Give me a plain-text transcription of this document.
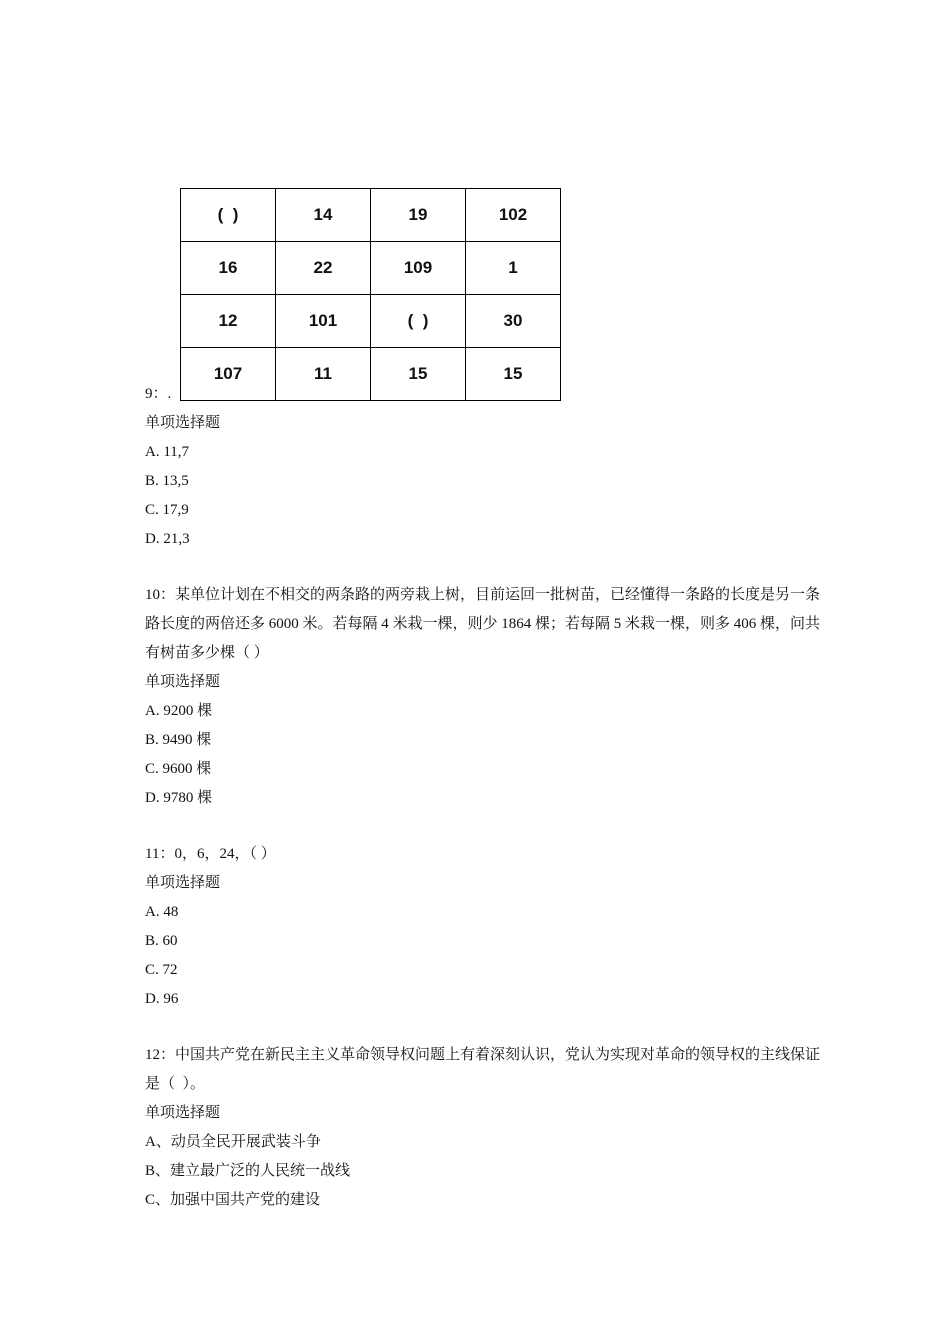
(  )	14	19	102
16	22	109	1
12	101	(  )	30
107	11	15	15

9：.

单项选择题

A. 11,7

B. 13,5

C. 17,9

D. 21,3

10：某单位计划在不相交的两条路的两旁栽上树，目前运回一批树苗，已经懂得一条路的长度是另一条路长度的两倍还多 6000 米。若每隔 4 米栽一棵，则少 1864 棵；若每隔 5 米栽一棵，则多 406 棵，问共有树苗多少棵（ ）

单项选择题

A. 9200 棵

B. 9490 棵

C. 9600 棵

D. 9780 棵

11：0，6，24，（ ）

单项选择题

A. 48

B. 60

C. 72

D. 96

12：中国共产党在新民主主义革命领导权问题上有着深刻认识，党认为实现对革命的领导权的主线保证是（  ）。

单项选择题

A、动员全民开展武装斗争

B、建立最广泛的人民统一战线

C、加强中国共产党的建设
